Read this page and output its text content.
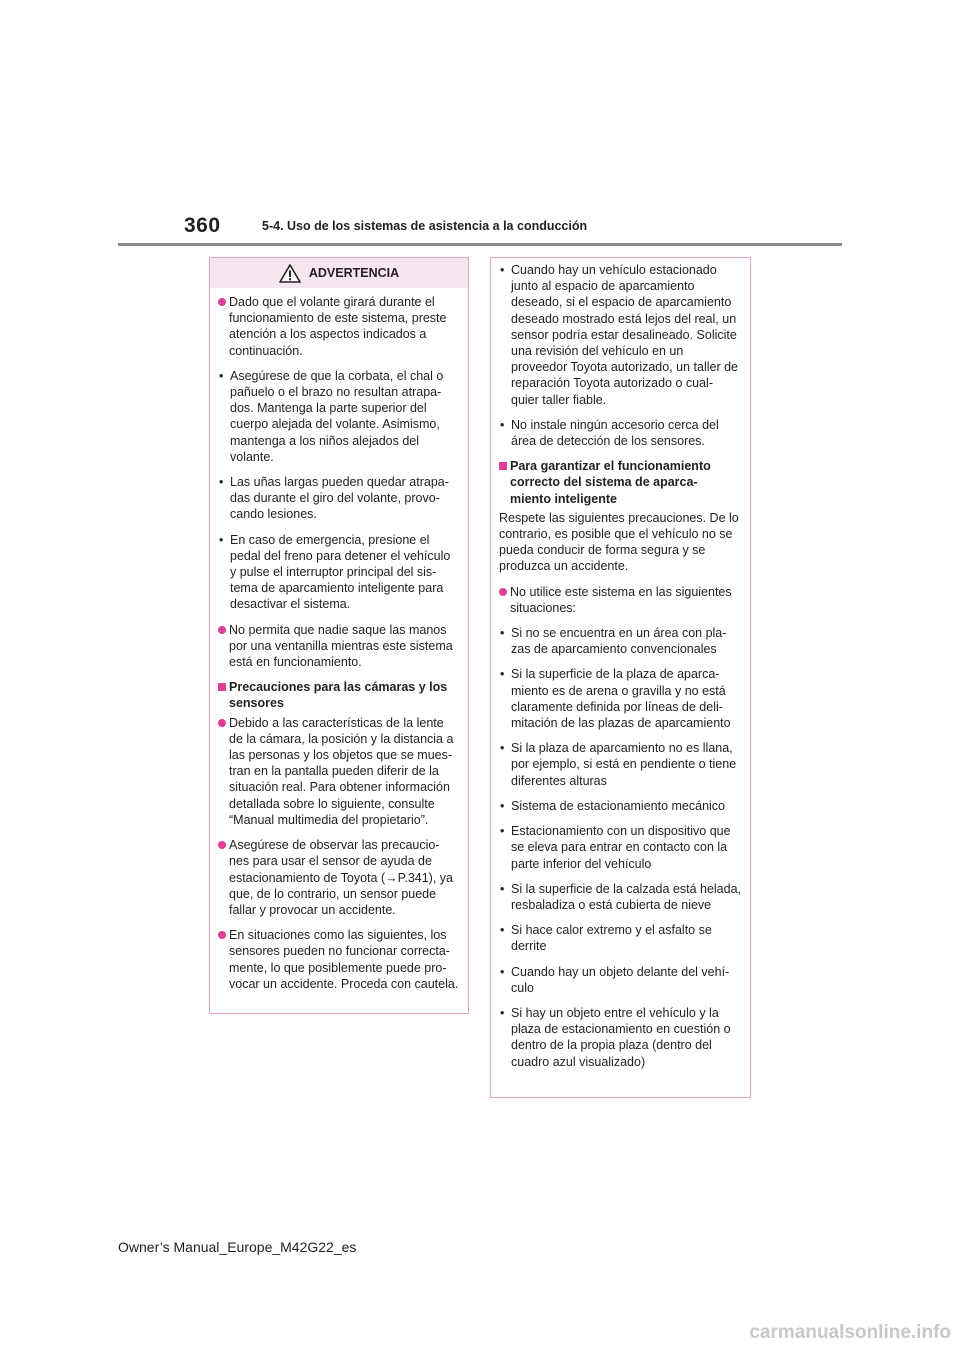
360	5-4. Uso de los sistemas de asistencia a la conducción
ADVERTENCIA
Dado que el volante girará durante el funcionamiento de este sistema, preste atención a los aspectos indicados a continuación.
• Asegúrese de que la corbata, el chal o pañuelo o el brazo no resultan atrapa- dos. Mantenga la parte superior del cuerpo alejada del volante. Asimismo, mantenga a los niños alejados del volante.
• Las uñas largas pueden quedar atrapa- das durante el giro del volante, provo- cando lesiones.
• En caso de emergencia, presione el pedal del freno para detener el vehículo y pulse el interruptor principal del sis- tema de aparcamiento inteligente para desactivar el sistema.
No permita que nadie saque las manos por una ventanilla mientras este sistema está en funcionamiento.
Precauciones para las cámaras y los sensores
Debido a las características de la lente de la cámara, la posición y la distancia a las personas y los objetos que se mues- tran en la pantalla pueden diferir de la situación real. Para obtener información detallada sobre lo siguiente, consulte “Manual multimedia del propietario”.
Asegúrese de observar las precaucio- nes para usar el sensor de ayuda de estacionamiento de Toyota (→P.341), ya que, de lo contrario, un sensor puede fallar y provocar un accidente.
En situaciones como las siguientes, los sensores pueden no funcionar correcta- mente, lo que posiblemente puede pro- vocar un accidente. Proceda con cautela.
• Cuando hay un vehículo estacionado junto al espacio de aparcamiento deseado, si el espacio de aparcamiento deseado mostrado está lejos del real, un sensor podría estar desalineado. Solicite una revisión del vehículo en un proveedor Toyota autorizado, un taller de reparación Toyota autorizado o cual- quier taller fiable.
• No instale ningún accesorio cerca del área de detección de los sensores.
Para garantizar el funcionamiento correcto del sistema de aparca- miento inteligente
Respete las siguientes precauciones. De lo contrario, es posible que el vehículo no se pueda conducir de forma segura y se produzca un accidente.
No utilice este sistema en las siguientes situaciones:
• Si no se encuentra en un área con pla- zas de aparcamiento convencionales
• Si la superficie de la plaza de aparca- miento es de arena o gravilla y no está claramente definida por líneas de deli- mitación de las plazas de aparcamiento
• Si la plaza de aparcamiento no es llana, por ejemplo, si está en pendiente o tiene diferentes alturas
• Sistema de estacionamiento mecánico
• Estacionamiento con un dispositivo que se eleva para entrar en contacto con la parte inferior del vehículo
• Si la superficie de la calzada está helada, resbaladiza o está cubierta de nieve
• Si hace calor extremo y el asfalto se derrite
• Cuando hay un objeto delante del vehí- culo
• Si hay un objeto entre el vehículo y la plaza de estacionamiento en cuestión o dentro de la propia plaza (dentro del cuadro azul visualizado)
Owner’s Manual_Europe_M42G22_es
carmanualsonline.info
